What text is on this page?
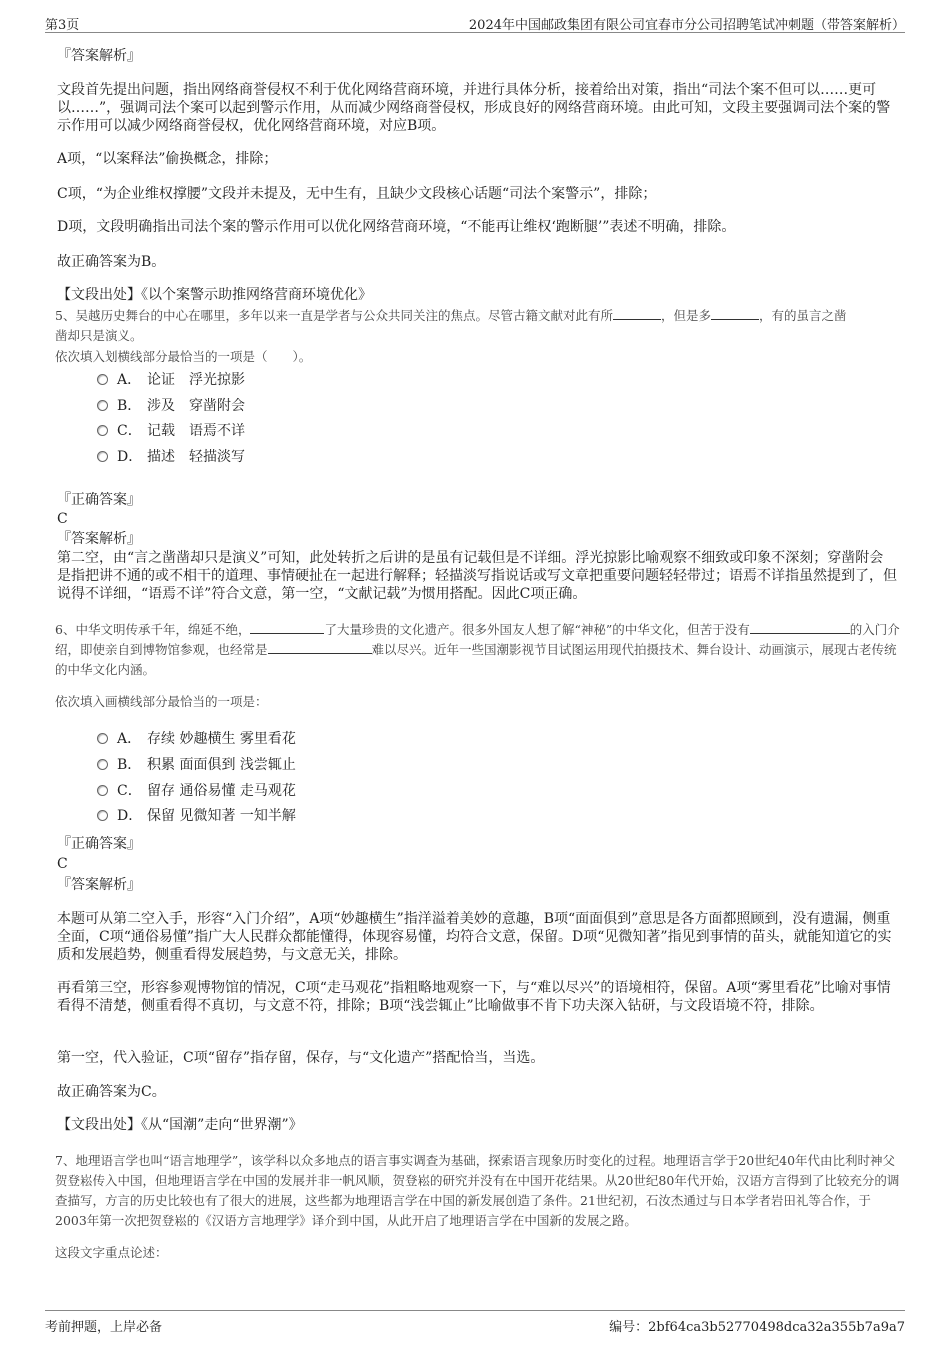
第3页	2024年中国邮政集团有限公司宜春市分公司招聘笔试冲刺题（带答案解析）
『答案解析』
文段首先提出问题，指出网络商誉侵权不利于优化网络营商环境，并进行具体分析，接着给出对策，指出“司法个案不但可以……更可以……”，强调司法个案可以起到警示作用，从而减少网络商誉侵权，形成良好的网络营商环境。由此可知，文段主要强调司法个案的警示作用可以减少网络商誉侵权，优化网络营商环境，对应B项。
A项，“以案释法”偷换概念，排除；
C项，“为企业维权撑腰”文段并未提及，无中生有，且缺少文段核心话题“司法个案警示”，排除；
D项，文段明确指出司法个案的警示作用可以优化网络营商环境，“不能再让维权‘跑断腿’”表述不明确，排除。
故正确答案为B。
【文段出处】《以个案警示助推网络营商环境优化》
5、吴越历史舞台的中心在哪里，多年以来一直是学者与公众共同关注的焦点。尽管古籍文献对此有所	，但是多	，有的虽言之凿
凿却只是演义。
依次填入划横线部分最恰当的一项是（　　）。
A． 论证　浮光掠影
B． 涉及　穿凿附会
C． 记载　语焉不详
D． 描述　轻描淡写
『正确答案』
C
『答案解析』
第二空，由“言之凿凿却只是演义”可知，此处转折之后讲的是虽有记载但是不详细。浮光掠影比喻观察不细致或印象不深刻；穿凿附会是指把讲不通的或不相干的道理、事情硬扯在一起进行解释；轻描淡写指说话或写文章把重要问题轻轻带过；语焉不详指虽然提到了，但说得不详细，“语焉不详”符合文意，第一空，“文献记载”为惯用搭配。因此C项正确。
6、中华文明传承千年，绵延不绝，	了大量珍贵的文化遗产。很多外国友人想了解“神秘”的中华文化，但苦于没有	的入门介绍，即使亲自到博物馆参观，也经常是	难以尽兴。近年一些国潮影视节目试图运用现代拍摄技术、舞台设计、动画演示，展现古老传统的中华文化内涵。
依次填入画横线部分最恰当的一项是：
A． 存续 妙趣横生 雾里看花
B． 积累 面面俱到 浅尝辄止
C． 留存 通俗易懂 走马观花
D． 保留 见微知著 一知半解
『正确答案』
C
『答案解析』
本题可从第二空入手，形容“入门介绍”，A项“妙趣横生”指洋溢着美妙的意趣，B项“面面俱到”意思是各方面都照顾到，没有遗漏，侧重全面，C项“通俗易懂”指广大人民群众都能懂得，体现容易懂，均符合文意，保留。D项“见微知著”指见到事情的苗头，就能知道它的实质和发展趋势，侧重看得发展趋势，与文意无关，排除。
再看第三空，形容参观博物馆的情况，C项“走马观花”指粗略地观察一下，与“难以尽兴”的语境相符，保留。A项“雾里看花”比喻对事情看得不清楚，侧重看得不真切，与文意不符，排除；B项“浅尝辄止”比喻做事不肯下功夫深入钻研，与文段语境不符，排除。
第一空，代入验证，C项“留存”指存留，保存，与“文化遗产”搭配恰当，当选。
故正确答案为C。
【文段出处】《从“国潮”走向“世界潮”》
7、地理语言学也叫“语言地理学”，该学科以众多地点的语言事实调查为基础，探索语言现象历时变化的过程。地理语言学于20世纪40年代由比利时神父贺登崧传入中国，但地理语言学在中国的发展并非一帆风顺，贺登崧的研究并没有在中国开花结果。从20世纪80年代开始，汉语方言得到了比较充分的调查描写，方言的历史比较也有了很大的进展，这些都为地理语言学在中国的新发展创造了条件。21世纪初，石汝杰通过与日本学者岩田礼等合作，于2003年第一次把贺登崧的《汉语方言地理学》译介到中国，从此开启了地理语言学在中国新的发展之路。
这段文字重点论述：
考前押题，上岸必备	编号：2bf64ca3b52770498dca32a355b7a9a7
